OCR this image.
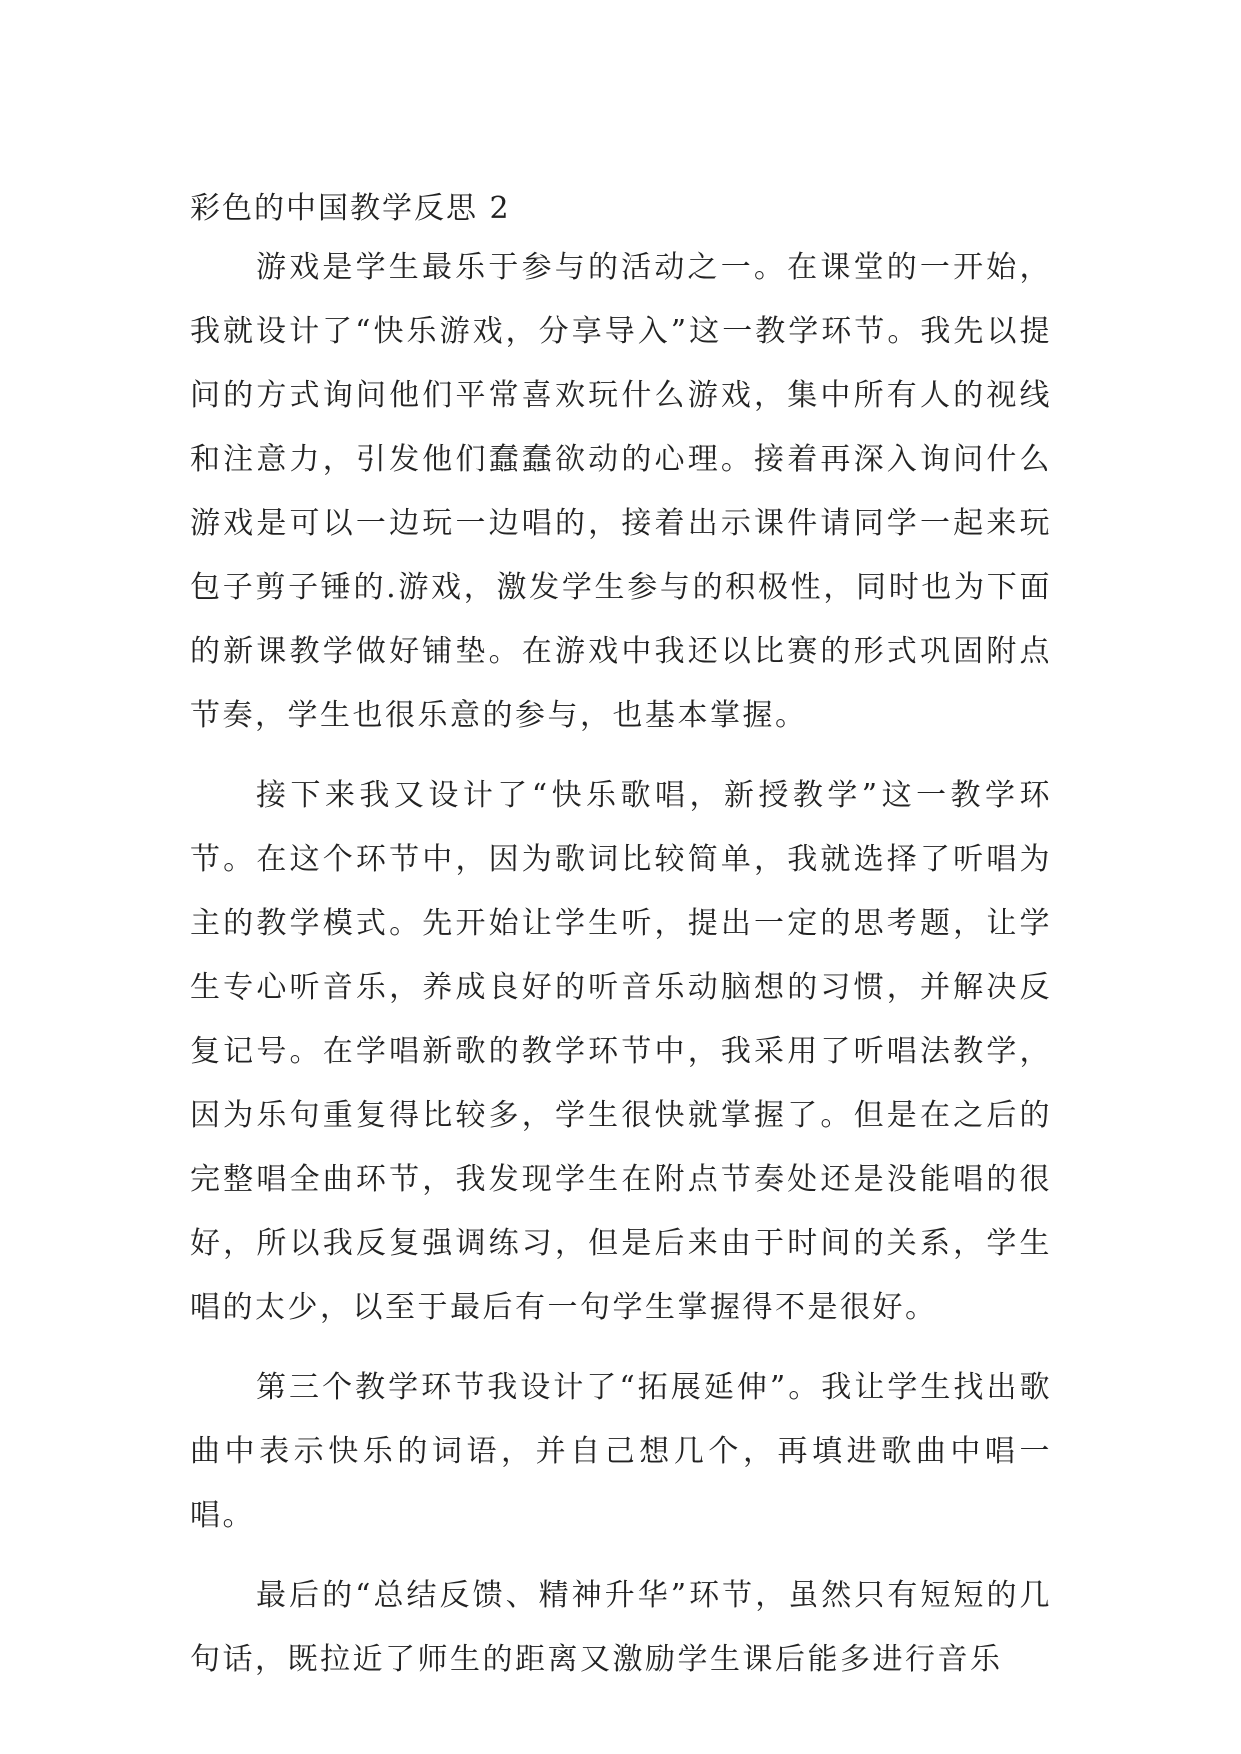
彩色的中国教学反思 2

游戏是学生最乐于参与的活动之一。在课堂的一开始，我就设计了“快乐游戏，分享导入”这一教学环节。我先以提问的方式询问他们平常喜欢玩什么游戏，集中所有人的视线和注意力，引发他们蠢蠢欲动的心理。接着再深入询问什么游戏是可以一边玩一边唱的，接着出示课件请同学一起来玩包子剪子锤的.游戏，激发学生参与的积极性，同时也为下面的新课教学做好铺垫。在游戏中我还以比赛的形式巩固附点节奏，学生也很乐意的参与，也基本掌握。

接下来我又设计了“快乐歌唱，新授教学”这一教学环节。在这个环节中，因为歌词比较简单，我就选择了听唱为主的教学模式。先开始让学生听，提出一定的思考题，让学生专心听音乐，养成良好的听音乐动脑想的习惯，并解决反复记号。在学唱新歌的教学环节中，我采用了听唱法教学，因为乐句重复得比较多，学生很快就掌握了。但是在之后的完整唱全曲环节，我发现学生在附点节奏处还是没能唱的很好，所以我反复强调练习，但是后来由于时间的关系，学生唱的太少，以至于最后有一句学生掌握得不是很好。

第三个教学环节我设计了“拓展延伸”。我让学生找出歌曲中表示快乐的词语，并自己想几个，再填进歌曲中唱一唱。

最后的“总结反馈、精神升华”环节，虽然只有短短的几句话，既拉近了师生的距离又激励学生课后能多进行音乐
